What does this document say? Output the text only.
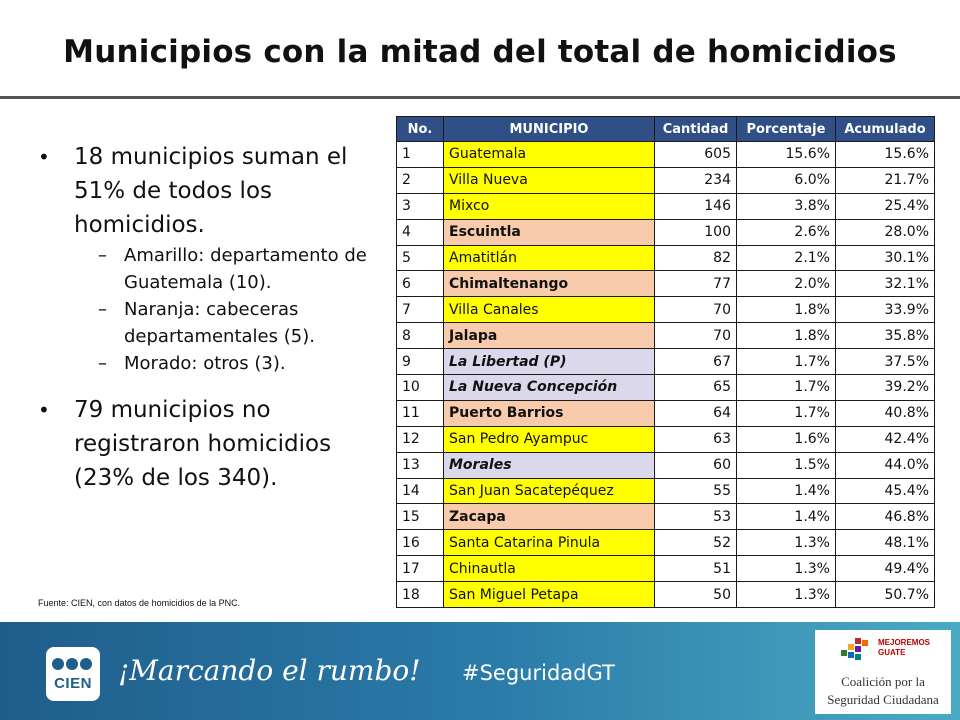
Municipios con la mitad del total de homicidios
• 18 municipios suman el 51% de todos los homicidios.
– Amarillo: departamento de Guatemala (10).
– Naranja: cabeceras departamentales (5).
– Morado: otros (3).
• 79 municipios no registraron homicidios (23% de los 340).
Fuente: CIEN, con datos de homicidios de la PNC.
No.	MUNICIPIO	Cantidad	Porcentaje	Acumulado
1	Guatemala	605	15.6%	15.6%
2	Villa Nueva	234	6.0%	21.7%
3	Mixco	146	3.8%	25.4%
4	Escuintla	100	2.6%	28.0%
5	Amatitlán	82	2.1%	30.1%
6	Chimaltenango	77	2.0%	32.1%
7	Villa Canales	70	1.8%	33.9%
8	Jalapa	70	1.8%	35.8%
9	La Libertad (P)	67	1.7%	37.5%
10	La Nueva Concepción	65	1.7%	39.2%
11	Puerto Barrios	64	1.7%	40.8%
12	San Pedro Ayampuc	63	1.6%	42.4%
13	Morales	60	1.5%	44.0%
14	San Juan Sacatepéquez	55	1.4%	45.4%
15	Zacapa	53	1.4%	46.8%
16	Santa Catarina Pinula	52	1.3%	48.1%
17	Chinautla	51	1.3%	49.4%
18	San Miguel Petapa	50	1.3%	50.7%
CIEN ¡Marcando el rumbo! #SeguridadGT
MEJOREMOS
GUATE
Coalición por la
Seguridad Ciudadana
